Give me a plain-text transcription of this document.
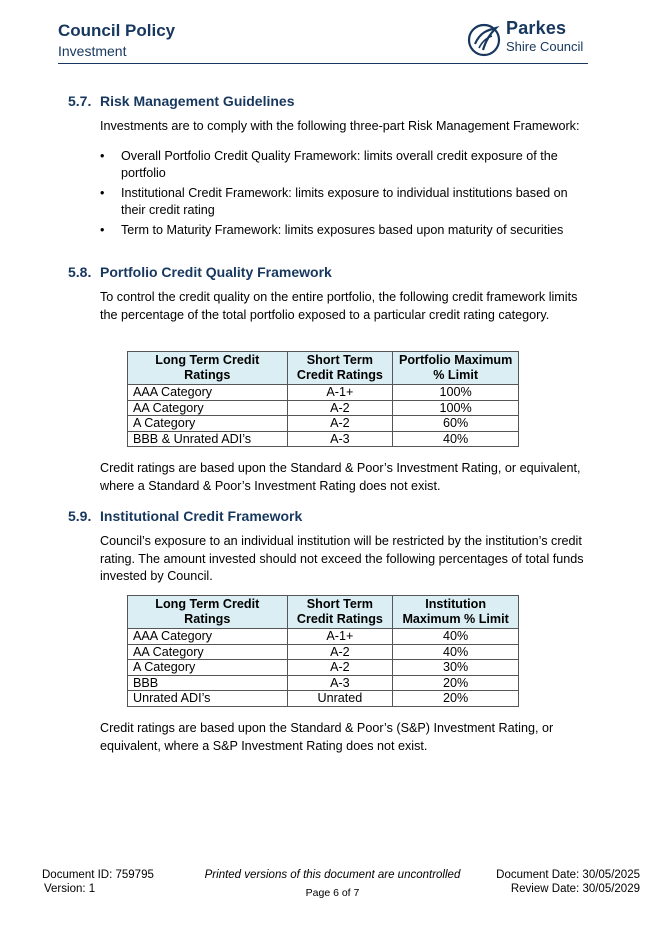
Council Policy
Investment
Parkes
Shire Council
5.7. Risk Management Guidelines
Investments are to comply with the following three-part Risk Management Framework:
• Overall Portfolio Credit Quality Framework: limits overall credit exposure of the portfolio
• Institutional Credit Framework: limits exposure to individual institutions based on their credit rating
• Term to Maturity Framework: limits exposures based upon maturity of securities
5.8. Portfolio Credit Quality Framework
To control the credit quality on the entire portfolio, the following credit framework limits the percentage of the total portfolio exposed to a particular credit rating category.
Long Term Credit Ratings	Short Term Credit Ratings	Portfolio Maximum % Limit
AAA Category	A-1+	100%
AA Category	A-2	100%
A Category	A-2	60%
BBB & Unrated ADI’s	A-3	40%
Credit ratings are based upon the Standard & Poor’s Investment Rating, or equivalent, where a Standard & Poor’s Investment Rating does not exist.
5.9. Institutional Credit Framework
Council’s exposure to an individual institution will be restricted by the institution’s credit rating. The amount invested should not exceed the following percentages of total funds invested by Council.
Long Term Credit Ratings	Short Term Credit Ratings	Institution Maximum % Limit
AAA Category	A-1+	40%
AA Category	A-2	40%
A Category	A-2	30%
BBB	A-3	20%
Unrated ADI’s	Unrated	20%
Credit ratings are based upon the Standard & Poor’s (S&P) Investment Rating, or equivalent, where a S&P Investment Rating does not exist.
Document ID: 759795
Version: 1
Printed versions of this document are uncontrolled
Page 6 of 7
Document Date: 30/05/2025
Review Date: 30/05/2029
